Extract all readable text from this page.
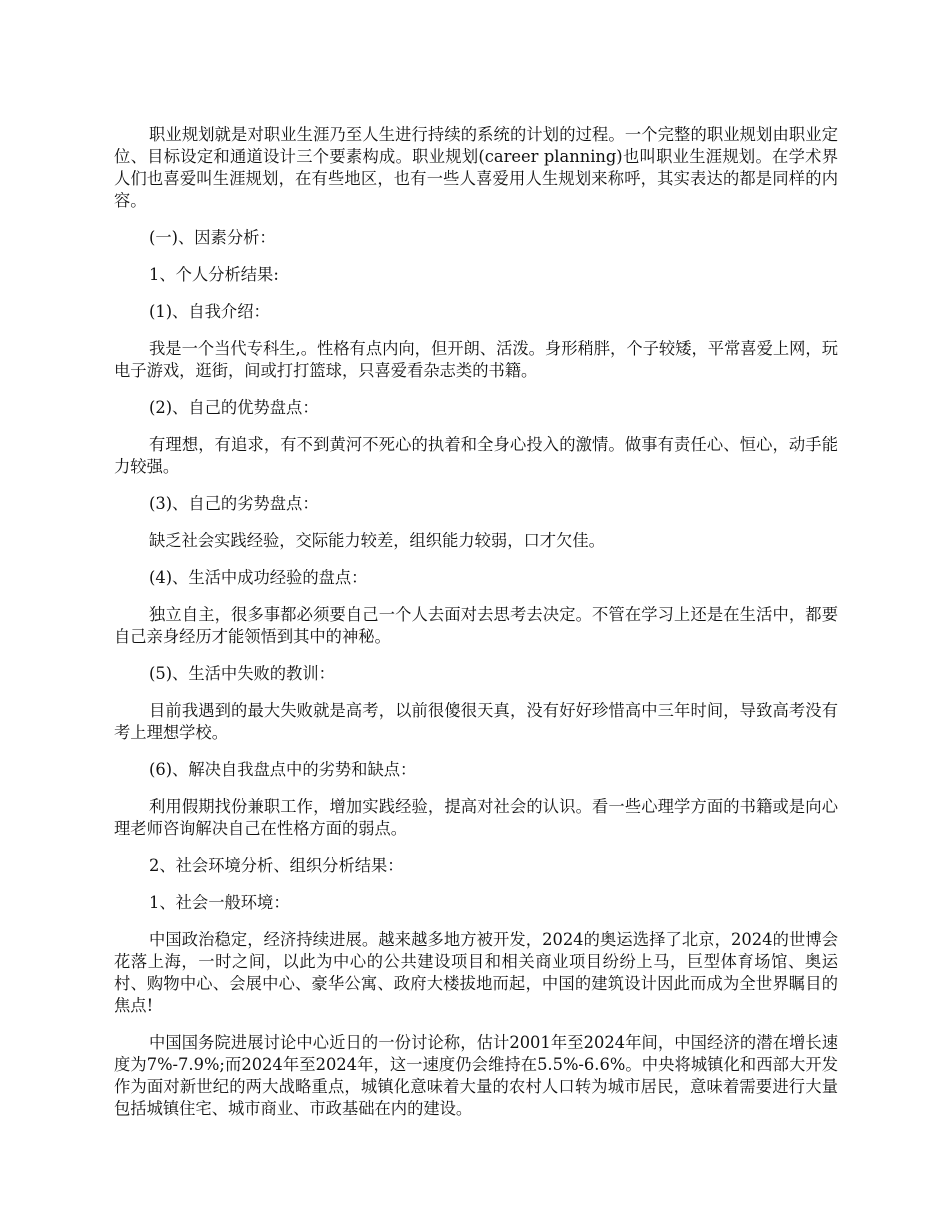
职业规划就是对职业生涯乃至人生进行持续的系统的计划的过程。一个完整的职业规划由职业定位、目标设定和通道设计三个要素构成。职业规划(career planning)也叫职业生涯规划。在学术界人们也喜爱叫生涯规划，在有些地区，也有一些人喜爱用人生规划来称呼，其实表达的都是同样的内容。

(一)、因素分析：

1、个人分析结果:

(1)、自我介绍：

我是一个当代专科生,。性格有点内向，但开朗、活泼。身形稍胖，个子较矮，平常喜爱上网，玩电子游戏，逛街，间或打打篮球，只喜爱看杂志类的书籍。

(2)、自己的优势盘点：

有理想，有追求，有不到黄河不死心的执着和全身心投入的激情。做事有责任心、恒心，动手能力较强。

(3)、自己的劣势盘点：

缺乏社会实践经验，交际能力较差，组织能力较弱，口才欠佳。

(4)、生活中成功经验的盘点：

独立自主，很多事都必须要自己一个人去面对去思考去决定。不管在学习上还是在生活中，都要自己亲身经历才能领悟到其中的神秘。

(5)、生活中失败的教训：

目前我遇到的最大失败就是高考，以前很傻很天真，没有好好珍惜高中三年时间，导致高考没有考上理想学校。

(6)、解决自我盘点中的劣势和缺点：

利用假期找份兼职工作，增加实践经验，提高对社会的认识。看一些心理学方面的书籍或是向心理老师咨询解决自己在性格方面的弱点。

2、社会环境分析、组织分析结果：

1、社会一般环境：

中国政治稳定，经济持续进展。越来越多地方被开发，2024的奥运选择了北京，2024的世博会花落上海，一时之间，以此为中心的公共建设项目和相关商业项目纷纷上马，巨型体育场馆、奥运村、购物中心、会展中心、豪华公寓、政府大楼拔地而起，中国的建筑设计因此而成为全世界瞩目的焦点!

中国国务院进展讨论中心近日的一份讨论称，估计2001年至2024年间，中国经济的潜在增长速度为7%-7.9%;而2024年至2024年，这一速度仍会维持在5.5%-6.6%。中央将城镇化和西部大开发作为面对新世纪的两大战略重点，城镇化意味着大量的农村人口转为城市居民，意味着需要进行大量包括城镇住宅、城市商业、市政基础在内的建设。
